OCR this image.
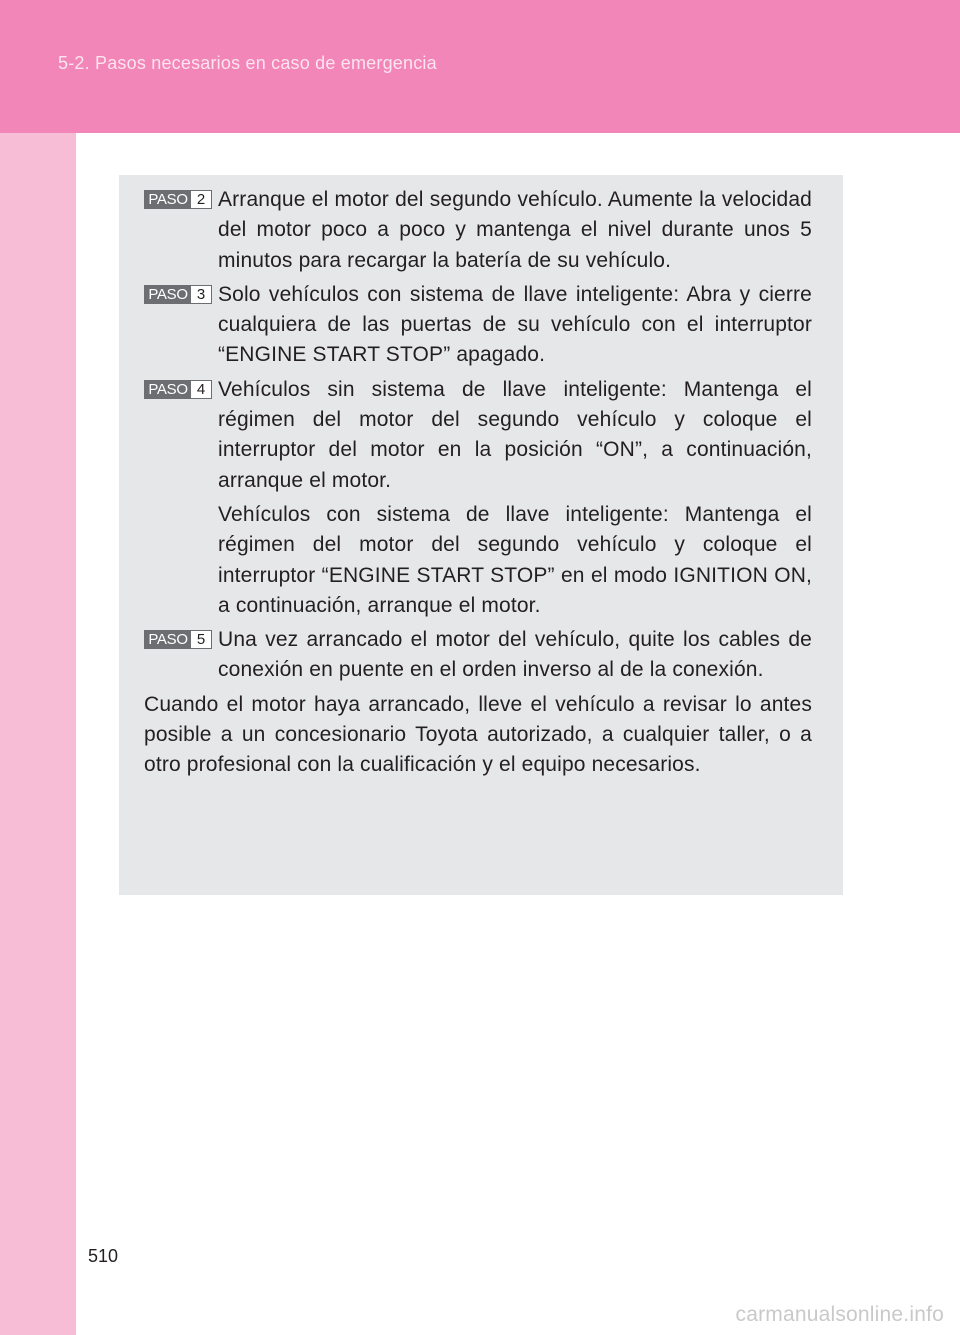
5-2. Pasos necesarios en caso de emergencia
PASO 2 Arranque el motor del segundo vehículo. Aumente la velocidad del motor poco a poco y mantenga el nivel durante unos 5 minutos para recargar la batería de su vehículo.

PASO 3 Solo vehículos con sistema de llave inteligente: Abra y cierre cualquiera de las puertas de su vehículo con el interruptor “ENGINE START STOP” apagado.

PASO 4 Vehículos sin sistema de llave inteligente: Mantenga el régimen del motor del segundo vehículo y coloque el interruptor del motor en la posición “ON”, a continuación, arranque el motor.

Vehículos con sistema de llave inteligente: Mantenga el régimen del motor del segundo vehículo y coloque el interruptor “ENGINE START STOP” en el modo IGNITION ON, a continuación, arranque el motor.

PASO 5 Una vez arrancado el motor del vehículo, quite los cables de conexión en puente en el orden inverso al de la conexión.

Cuando el motor haya arrancado, lleve el vehículo a revisar lo antes posible a un concesionario Toyota autorizado, a cualquier taller, o a otro profesional con la cualificación y el equipo necesarios.

510
carmanualsonline.info
